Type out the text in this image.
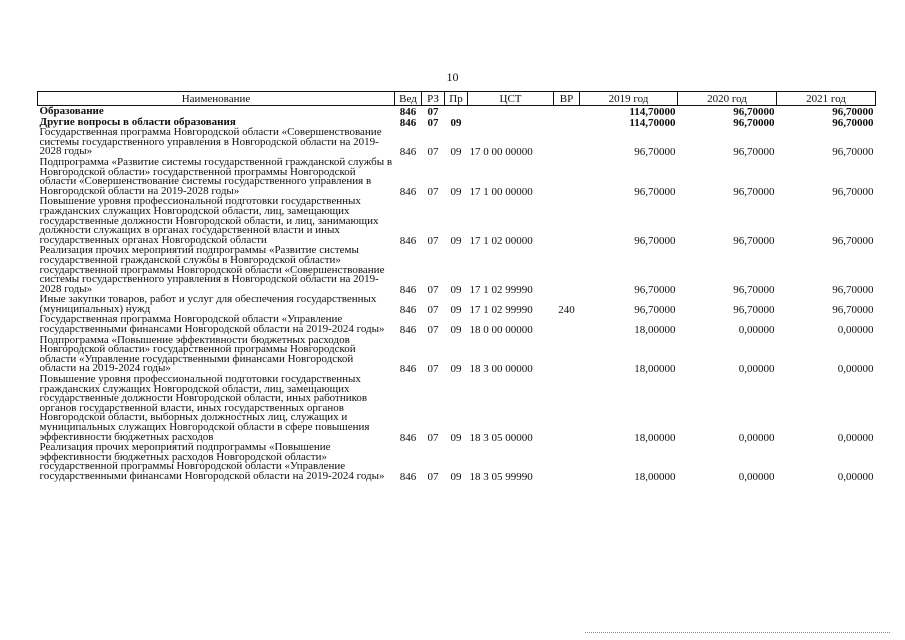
10
Наименование	Вед	РЗ	Пр	ЦСТ	ВР	2019 год	2020 год	2021 год
Образование	846	07				114,70000	96,70000	96,70000
Другие вопросы в области образования	846	07	09			114,70000	96,70000	96,70000
Государственная программа Новгородской области «Совершенствование системы государственного управления в Новгородской области на 2019-2028 годы»	846	07	09	17 0 00 00000		96,70000	96,70000	96,70000
Подпрограмма «Развитие системы государственной гражданской службы в Новгородской области» государственной программы Новгородской области «Совершенствование системы государственного управления в Новгородской области на 2019-2028 годы»	846	07	09	17 1 00 00000		96,70000	96,70000	96,70000
Повышение уровня профессиональной подготовки государственных гражданских служащих Новгородской области, лиц, замещающих государственные должности Новгородской области, и лиц, занимающих должности служащих в органах государственной власти и иных государственных органах Новгородской области	846	07	09	17 1 02 00000		96,70000	96,70000	96,70000
Реализация прочих мероприятий подпрограммы «Развитие системы государственной гражданской службы в Новгородской области» государственной программы Новгородской области «Совершенствование системы государственного управления в Новгородской области на 2019-2028 годы»	846	07	09	17 1 02 99990		96,70000	96,70000	96,70000
Иные закупки товаров, работ и услуг для обеспечения государственных (муниципальных) нужд	846	07	09	17 1 02 99990	240	96,70000	96,70000	96,70000
Государственная программа Новгородской области «Управление государственными финансами Новгородской области на 2019-2024 годы»	846	07	09	18 0 00 00000		18,00000	0,00000	0,00000
Подпрограмма «Повышение эффективности бюджетных расходов Новгородской области» государственной программы Новгородской области «Управление государственными финансами Новгородской области на 2019-2024 годы»	846	07	09	18 3 00 00000		18,00000	0,00000	0,00000
Повышение уровня профессиональной подготовки государственных гражданских служащих Новгородской области, лиц, замещающих государственные должности Новгородской области, иных работников органов государственной власти, иных государственных органов Новгородской области, выборных должностных лиц, служащих и муниципальных служащих Новгородской области в сфере повышения эффективности бюджетных расходов	846	07	09	18 3 05 00000		18,00000	0,00000	0,00000
Реализация прочих мероприятий подпрограммы «Повышение эффективности бюджетных расходов Новгородской области» государственной программы Новгородской области «Управление государственными финансами Новгородской области на 2019-2024 годы»	846	07	09	18 3 05 99990		18,00000	0,00000	0,00000
